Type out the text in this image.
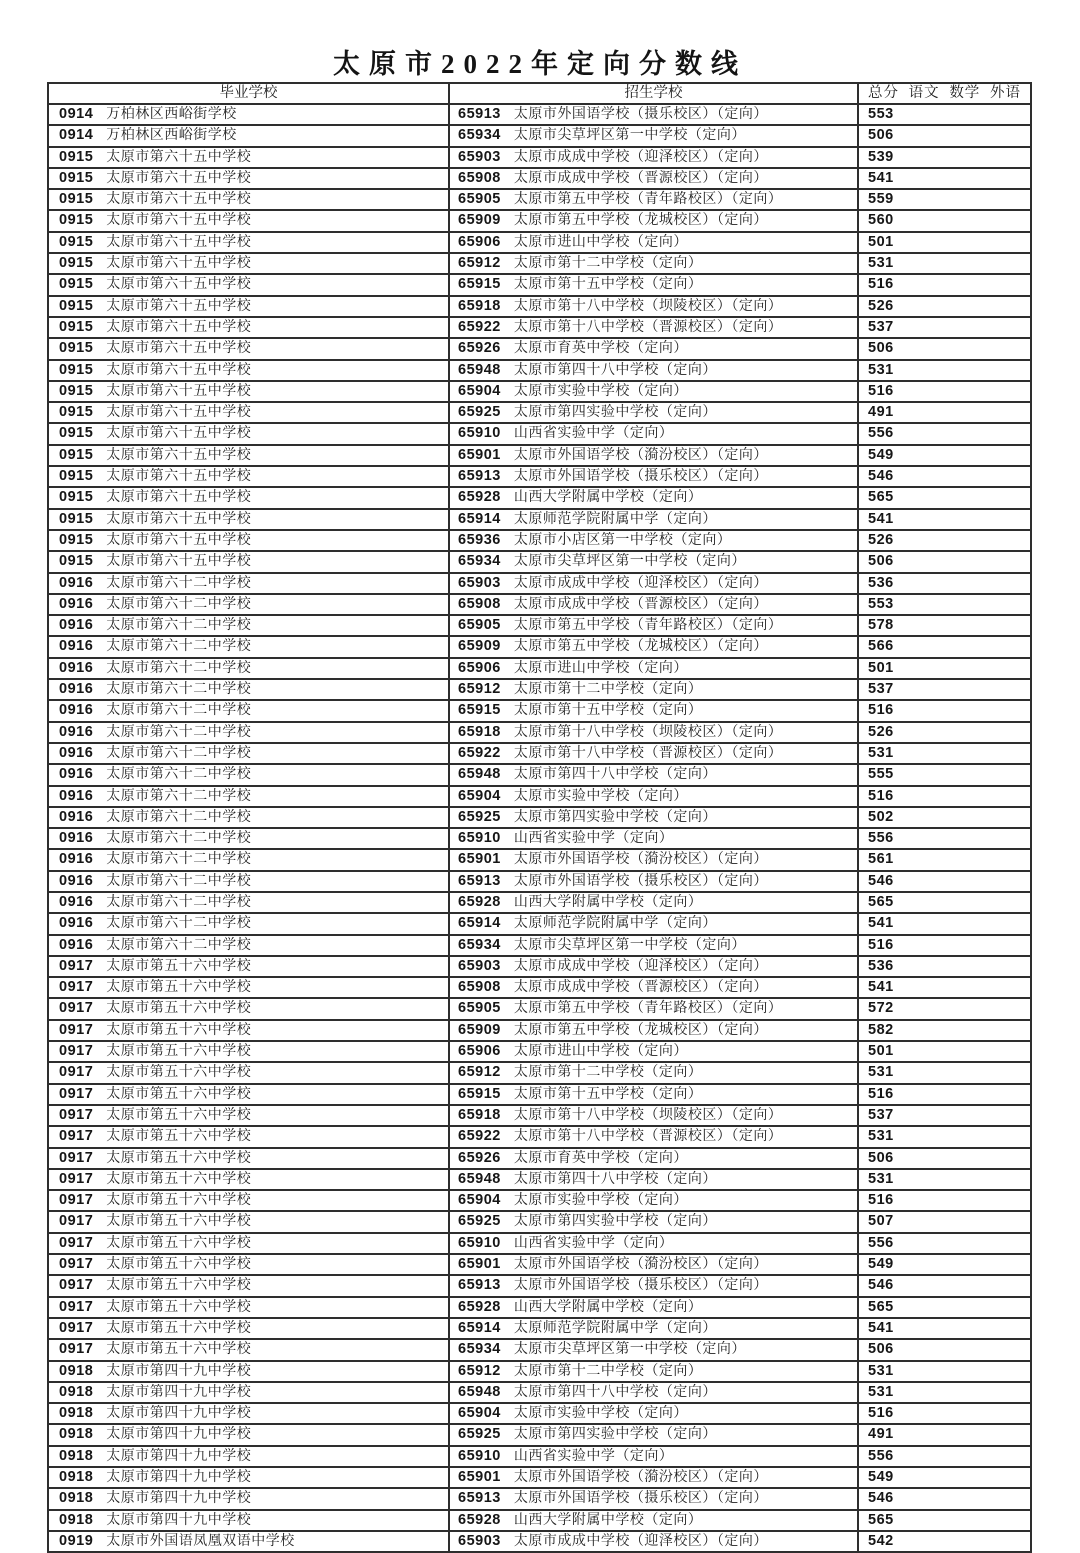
太原市2022年定向分数线
毕业学校	招生学校	总分 语文 数学 外语

0914 万柏林区西峪街学校	65913 太原市外国语学校（摄乐校区）（定向）	553
0914 万柏林区西峪街学校	65934 太原市尖草坪区第一中学校（定向）	506
0915 太原市第六十五中学校	65903 太原市成成中学校（迎泽校区）（定向）	539
0915 太原市第六十五中学校	65908 太原市成成中学校（晋源校区）（定向）	541
0915 太原市第六十五中学校	65905 太原市第五中学校（青年路校区）（定向）	559
0915 太原市第六十五中学校	65909 太原市第五中学校（龙城校区）（定向）	560
0915 太原市第六十五中学校	65906 太原市进山中学校（定向）	501
0915 太原市第六十五中学校	65912 太原市第十二中学校（定向）	531
0915 太原市第六十五中学校	65915 太原市第十五中学校（定向）	516
0915 太原市第六十五中学校	65918 太原市第十八中学校（坝陵校区）（定向）	526
0915 太原市第六十五中学校	65922 太原市第十八中学校（晋源校区）（定向）	537
0915 太原市第六十五中学校	65926 太原市育英中学校（定向）	506
0915 太原市第六十五中学校	65948 太原市第四十八中学校（定向）	531
0915 太原市第六十五中学校	65904 太原市实验中学校（定向）	516
0915 太原市第六十五中学校	65925 太原市第四实验中学校（定向）	491
0915 太原市第六十五中学校	65910 山西省实验中学（定向）	556
0915 太原市第六十五中学校	65901 太原市外国语学校（漪汾校区）（定向）	549
0915 太原市第六十五中学校	65913 太原市外国语学校（摄乐校区）（定向）	546
0915 太原市第六十五中学校	65928 山西大学附属中学校（定向）	565
0915 太原市第六十五中学校	65914 太原师范学院附属中学（定向）	541
0915 太原市第六十五中学校	65936 太原市小店区第一中学校（定向）	526
0915 太原市第六十五中学校	65934 太原市尖草坪区第一中学校（定向）	506
0916 太原市第六十二中学校	65903 太原市成成中学校（迎泽校区）（定向）	536
0916 太原市第六十二中学校	65908 太原市成成中学校（晋源校区）（定向）	553
0916 太原市第六十二中学校	65905 太原市第五中学校（青年路校区）（定向）	578
0916 太原市第六十二中学校	65909 太原市第五中学校（龙城校区）（定向）	566
0916 太原市第六十二中学校	65906 太原市进山中学校（定向）	501
0916 太原市第六十二中学校	65912 太原市第十二中学校（定向）	537
0916 太原市第六十二中学校	65915 太原市第十五中学校（定向）	516
0916 太原市第六十二中学校	65918 太原市第十八中学校（坝陵校区）（定向）	526
0916 太原市第六十二中学校	65922 太原市第十八中学校（晋源校区）（定向）	531
0916 太原市第六十二中学校	65948 太原市第四十八中学校（定向）	555
0916 太原市第六十二中学校	65904 太原市实验中学校（定向）	516
0916 太原市第六十二中学校	65925 太原市第四实验中学校（定向）	502
0916 太原市第六十二中学校	65910 山西省实验中学（定向）	556
0916 太原市第六十二中学校	65901 太原市外国语学校（漪汾校区）（定向）	561
0916 太原市第六十二中学校	65913 太原市外国语学校（摄乐校区）（定向）	546
0916 太原市第六十二中学校	65928 山西大学附属中学校（定向）	565
0916 太原市第六十二中学校	65914 太原师范学院附属中学（定向）	541
0916 太原市第六十二中学校	65934 太原市尖草坪区第一中学校（定向）	516
0917 太原市第五十六中学校	65903 太原市成成中学校（迎泽校区）（定向）	536
0917 太原市第五十六中学校	65908 太原市成成中学校（晋源校区）（定向）	541
0917 太原市第五十六中学校	65905 太原市第五中学校（青年路校区）（定向）	572
0917 太原市第五十六中学校	65909 太原市第五中学校（龙城校区）（定向）	582
0917 太原市第五十六中学校	65906 太原市进山中学校（定向）	501
0917 太原市第五十六中学校	65912 太原市第十二中学校（定向）	531
0917 太原市第五十六中学校	65915 太原市第十五中学校（定向）	516
0917 太原市第五十六中学校	65918 太原市第十八中学校（坝陵校区）（定向）	537
0917 太原市第五十六中学校	65922 太原市第十八中学校（晋源校区）（定向）	531
0917 太原市第五十六中学校	65926 太原市育英中学校（定向）	506
0917 太原市第五十六中学校	65948 太原市第四十八中学校（定向）	531
0917 太原市第五十六中学校	65904 太原市实验中学校（定向）	516
0917 太原市第五十六中学校	65925 太原市第四实验中学校（定向）	507
0917 太原市第五十六中学校	65910 山西省实验中学（定向）	556
0917 太原市第五十六中学校	65901 太原市外国语学校（漪汾校区）（定向）	549
0917 太原市第五十六中学校	65913 太原市外国语学校（摄乐校区）（定向）	546
0917 太原市第五十六中学校	65928 山西大学附属中学校（定向）	565
0917 太原市第五十六中学校	65914 太原师范学院附属中学（定向）	541
0917 太原市第五十六中学校	65934 太原市尖草坪区第一中学校（定向）	506
0918 太原市第四十九中学校	65912 太原市第十二中学校（定向）	531
0918 太原市第四十九中学校	65948 太原市第四十八中学校（定向）	531
0918 太原市第四十九中学校	65904 太原市实验中学校（定向）	516
0918 太原市第四十九中学校	65925 太原市第四实验中学校（定向）	491
0918 太原市第四十九中学校	65910 山西省实验中学（定向）	556
0918 太原市第四十九中学校	65901 太原市外国语学校（漪汾校区）（定向）	549
0918 太原市第四十九中学校	65913 太原市外国语学校（摄乐校区）（定向）	546
0918 太原市第四十九中学校	65928 山西大学附属中学校（定向）	565
0919 太原市外国语凤凰双语中学校	65903 太原市成成中学校（迎泽校区）（定向）	542
